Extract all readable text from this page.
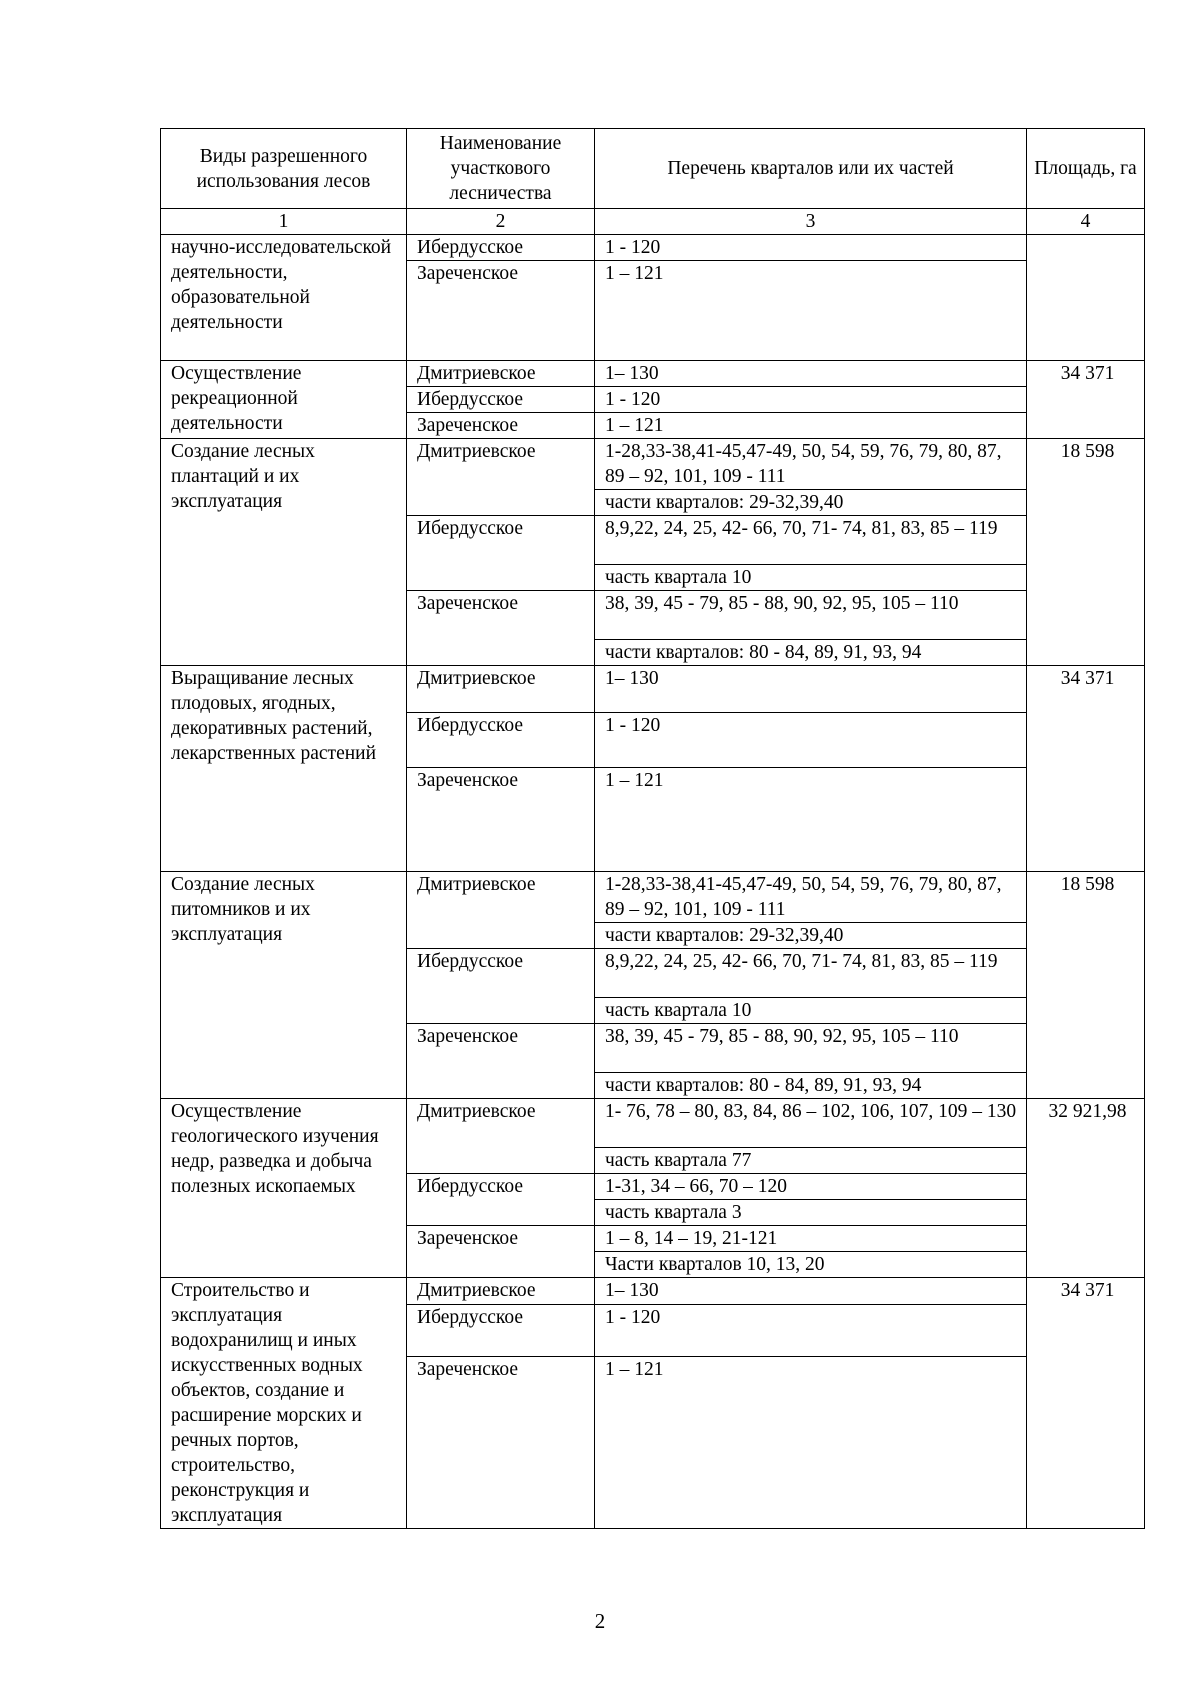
Виды разрешенного использования лесов	Наименование участкового лесничества	Перечень кварталов или их частей	Площадь, га
1	2	3	4
научно-исследовательской деятельности, образовательной деятельности	Ибердусское	1 - 120	
	Зареченское	1 – 121	
Осуществление рекреационной деятельности	Дмитриевское	1– 130	34 371
	Ибердусское	1 - 120	
	Зареченское	1 – 121	
Создание лесных плантаций и их эксплуатация	Дмитриевское	1-28,33-38,41-45,47-49, 50, 54, 59, 76, 79, 80, 87, 89 – 92, 101, 109 - 111	18 598
		части кварталов: 29-32,39,40	
	Ибердусское	8,9,22, 24, 25, 42- 66, 70, 71- 74, 81, 83, 85 – 119	
		часть квартала 10	
	Зареченское	38, 39, 45 - 79, 85 - 88, 90, 92, 95, 105 – 110	
		части кварталов: 80 - 84, 89, 91, 93, 94	
Выращивание лесных плодовых, ягодных, декоративных растений, лекарственных растений	Дмитриевское	1– 130	34 371
	Ибердусское	1 - 120	
	Зареченское	1 – 121	
Создание лесных питомников и их эксплуатация	Дмитриевское	1-28,33-38,41-45,47-49, 50, 54, 59, 76, 79, 80, 87, 89 – 92, 101, 109 - 111	18 598
		части кварталов: 29-32,39,40	
	Ибердусское	8,9,22, 24, 25, 42- 66, 70, 71- 74, 81, 83, 85 – 119	
		часть квартала 10	
	Зареченское	38, 39, 45 - 79, 85 - 88, 90, 92, 95, 105 – 110	
		части кварталов: 80 - 84, 89, 91, 93, 94	
Осуществление геологического изучения недр, разведка и добыча полезных ископаемых	Дмитриевское	1- 76, 78 – 80, 83, 84, 86 – 102, 106, 107, 109 – 130	32 921,98
		часть квартала 77	
	Ибердусское	1-31, 34 – 66, 70 – 120	
		часть квартала 3	
	Зареченское	1 – 8, 14 – 19, 21-121	
		Части кварталов 10, 13, 20	
Строительство и эксплуатация водохранилищ и иных искусственных водных объектов, создание и расширение морских и речных портов, строительство, реконструкция и эксплуатация	Дмитриевское	1– 130	34 371
	Ибердусское	1 - 120	
	Зареченское	1 – 121	
2
